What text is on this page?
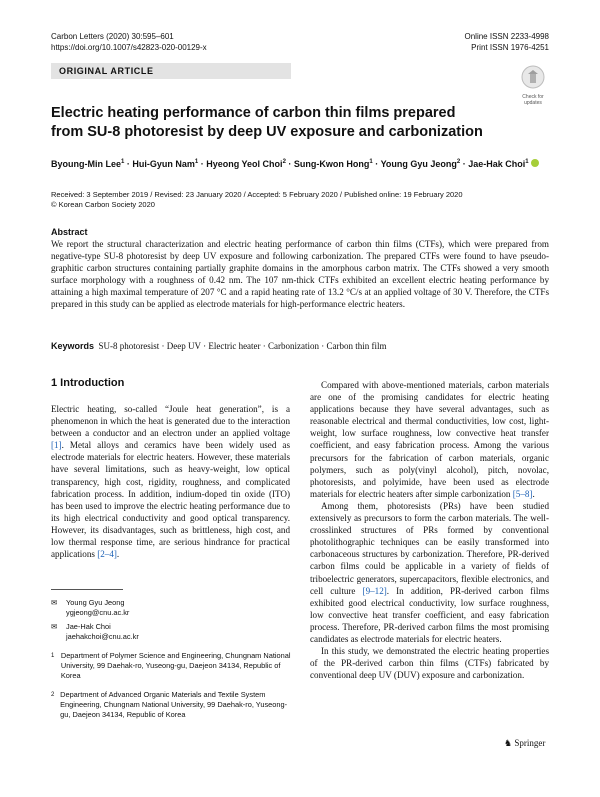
Carbon Letters (2020) 30:595–601
https://doi.org/10.1007/s42823-020-00129-x
Online ISSN 2233-4998
Print ISSN 1976-4251
ORIGINAL ARTICLE
Check for updates
Electric heating performance of carbon thin films prepared from SU-8 photoresist by deep UV exposure and carbonization
Byoung-Min Lee$^1$ · Hui-Gyun Nam$^1$ · Hyeong Yeol Choi$^2$ · Sung-Kwon Hong$^1$ · Young Gyu Jeong$^2$ · Jae-Hak Choi$^1$
Received: 3 September 2019 / Revised: 23 January 2020 / Accepted: 5 February 2020 / Published online: 19 February 2020
© Korean Carbon Society 2020
Abstract
We report the structural characterization and electric heating performance of carbon thin films (CTFs), which were prepared from negative-type SU-8 photoresist by deep UV exposure and following carbonization. The prepared CTFs were found to have pseudo-graphitic carbon structures containing partially graphite domains in the amorphous carbon matrix. The CTFs showed a very smooth surface morphology with a roughness of 0.42 nm. The 107 nm-thick CTFs exhibited an excellent electric heating performance by attaining a high maximal temperature of 207 °C and a rapid heating rate of 13.2 °C/s at an applied voltage of 30 V. Therefore, the CTFs prepared in this study can be applied as electrode materials for high-performance electric heaters.
Keywords SU-8 photoresist · Deep UV · Electric heater · Carbonization · Carbon thin film
1 Introduction

Electric heating, so-called “Joule heat generation”, is a phenomenon in which the heat is generated due to the interaction between a conductor and an electron under an applied voltage [1]. Metal alloys and ceramics have been widely used as electrode materials for electric heaters. However, these materials have several limitations, such as heavy-weight, low optical transparency, high cost, rigidity, roughness, and complicated fabrication process. In addition, indium-doped tin oxide (ITO) has been used to improve the electric heating performance due to its high electrical conductivity and good optical transparency. However, its disadvantages, such as brittleness, high cost, and low thermal response time, are serious hindrance for practical applications [2–4].

Compared with above-mentioned materials, carbon materials are one of the promising candidates for electric heating applications because they have several advantages, such as reasonable electrical and thermal conductivities, low cost, light-weight, low surface roughness, low convective heat transfer coefficient, and easy fabrication process. Among the various precursors for the fabrication of carbon materials, organic polymers, such as poly(vinyl alcohol), pitch, novolac, photoresists, and polyimide, have been used as electrode materials for electric heaters after simple carbonization [5–8].

Among them, photoresists (PRs) have been studied extensively as precursors to form the carbon materials. The well-crosslinked structures of PRs formed by conventional photolithographic techniques can be easily transformed into carbonaceous structures by carbonization. Therefore, PR-derived carbon films could be applicable in a variety of fields of triboelectric generators, supercapacitors, flexible electronics, and cell culture [9–12]. In addition, PR-derived carbon films exhibited good electrical conductivity, low surface roughness, low convective heat transfer coefficient, and easy fabrication process. Therefore, PR-derived carbon films the most promising candidates as electrode materials for electric heaters.

In this study, we demonstrated the electric heating properties of the PR-derived carbon thin films (CTFs) fabricated by conventional deep UV (DUV) exposure and carbonization.

✉	Young Gyu Jeong
ygjeong@cnu.ac.kr
✉	Jae-Hak Choi
jaehakchoi@cnu.ac.kr
1 Department of Polymer Science and Engineering, Chungnam National University, 99 Daehak-ro, Yuseong-gu, Daejeon 34134, Republic of Korea
2 Department of Advanced Organic Materials and Textile System Engineering, Chungnam National University, 99 Daehak-ro, Yuseong-gu, Daejeon 34134, Republic of Korea
♞ Springer
